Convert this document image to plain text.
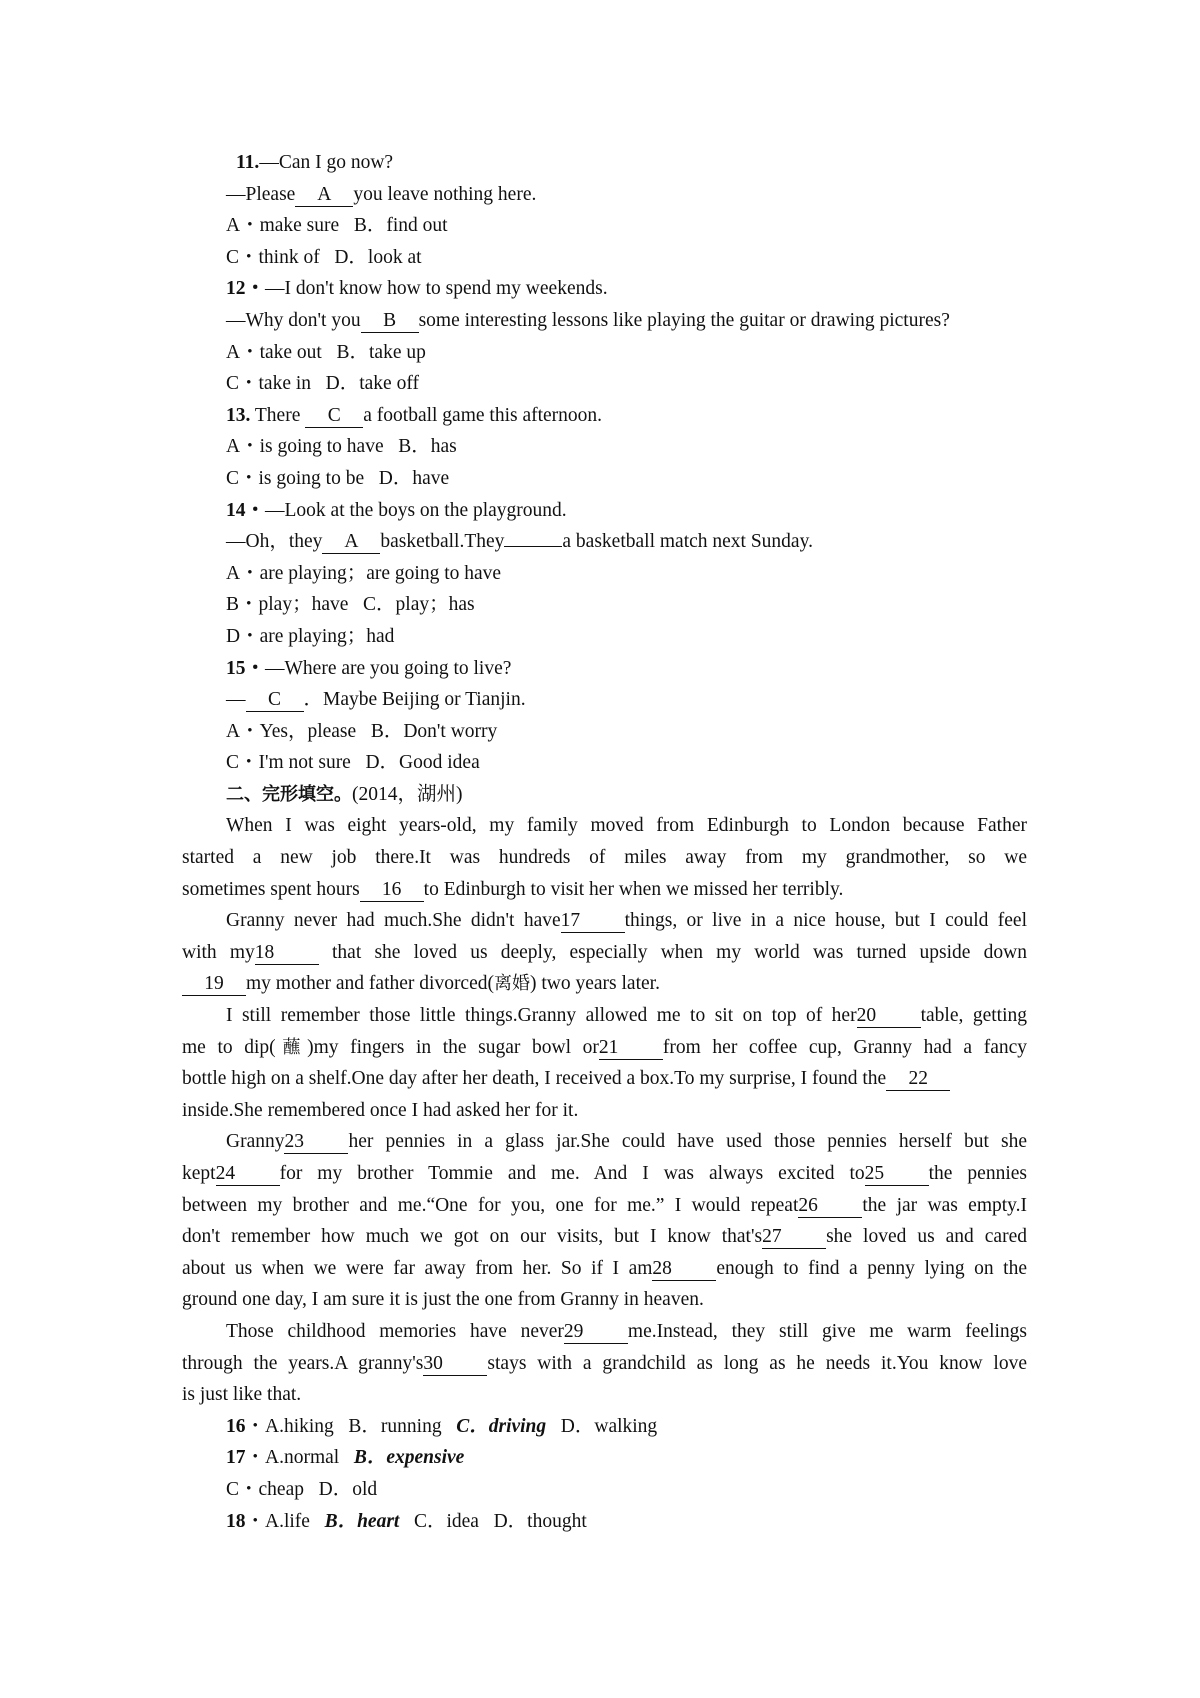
11.—Can I go now?
—Please A you leave nothing here.
A・make sure B．find out
C・think of D．look at
12・—I don't know how to spend my weekends.
—Why don't you B some interesting lessons like playing the guitar or drawing pictures?
A・take out B．take up
C・take in D．take off
13. There C a football game this afternoon.
A・is going to have B．has
C・is going to be D．have
14・—Look at the boys on the playground.
—Oh，they A basketball.They	a basketball match next Sunday.
A・are playing；are going to have
B・play；have C．play；has
D・are playing；had
15・—Where are you going to live?
— C ．Maybe Beijing or Tianjin.
A・Yes，please B．Don't worry
C・I'm not sure D．Good idea
二、完形填空。(2014，湖州)
When I was eight years-old, my family moved from Edinburgh to London because Father
started a new job there.It was hundreds of miles away from my grandmother, so we
sometimes spent hours 16 to Edinburgh to visit her when we missed her terribly.
Granny never had much.She didn't have17 things, or live in a nice house, but I could feel
with my18 that she loved us deeply, especially when my world was turned upside down
19 my mother and father divorced(离婚) two years later.
I still remember those little things.Granny allowed me to sit on top of her20 table, getting
me to dip(蘸)my fingers in the sugar bowl or21 from her coffee cup, Granny had a fancy
bottle high on a shelf.One day after her death, I received a box.To my surprise, I found the 22
inside.She remembered once I had asked her for it.
Granny23 her pennies in a glass jar.She could have used those pennies herself but she
kept24 for my brother Tommie and me. And I was always excited to25 the pennies
between my brother and me.“One for you, one for me.” I would repeat26 the jar was empty.I
don't remember how much we got on our visits, but I know that's27 she loved us and cared
about us when we were far away from her. So if I am28 enough to find a penny lying on the
ground one day, I am sure it is just the one from Granny in heaven.
Those childhood memories have never29 me.Instead, they still give me warm feelings
through the years.A granny's30 stays with a grandchild as long as he needs it.You know love
is just like that.
16・A.hiking B．running C．driving D．walking
17・A.normal B．expensive
C・cheap D．old
18・A.life B．heart C．idea D．thought
